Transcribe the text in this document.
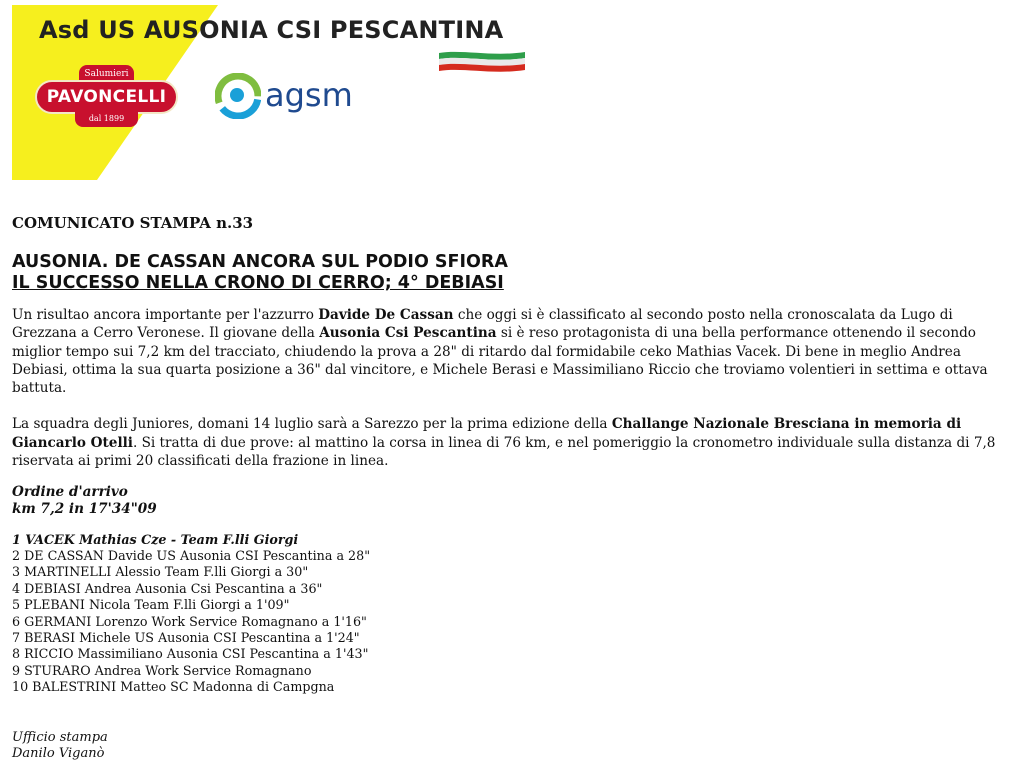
Asd US AUSONIA CSI PESCANTINA
Salumieri
PAVONCELLI
dal 1899
agsm

COMUNICATO STAMPA n.33

AUSONIA. DE CASSAN ANCORA SUL PODIO SFIORA
IL SUCCESSO NELLA CRONO DI CERRO; 4° DEBIASI

Un risultao ancora importante per l'azzurro Davide De Cassan che oggi si è classificato al secondo posto nella cronoscalata da Lugo di Grezzana a Cerro Veronese. Il giovane della Ausonia Csi Pescantina si è reso protagonista di una bella performance ottenendo il secondo miglior tempo sui 7,2 km del tracciato, chiudendo la prova a 28" di ritardo dal formidabile ceko Mathias Vacek. Di bene in meglio Andrea Debiasi, ottima la sua quarta posizione a 36" dal vincitore, e Michele Berasi e Massimiliano Riccio che troviamo volentieri in settima e ottava battuta.

La squadra degli Juniores, domani 14 luglio sarà a Sarezzo per la prima edizione della Challange Nazionale Bresciana in memoria di Giancarlo Otelli. Si tratta di due prove: al mattino la corsa in linea di 76 km, e nel pomeriggio la cronometro individuale sulla distanza di 7,8 riservata ai primi 20 classificati della frazione in linea.

Ordine d'arrivo
km 7,2 in 17'34"09
1 VACEK Mathias Cze - Team F.lli Giorgi
2 DE CASSAN Davide US Ausonia CSI Pescantina a 28"
3 MARTINELLI Alessio Team F.lli Giorgi a 30"
4 DEBIASI Andrea Ausonia Csi Pescantina a 36"
5 PLEBANI Nicola Team F.lli Giorgi a 1'09"
6 GERMANI Lorenzo Work Service Romagnano a 1'16"
7 BERASI Michele US Ausonia CSI Pescantina a 1'24"
8 RICCIO Massimiliano Ausonia CSI Pescantina a 1'43"
9 STURARO Andrea Work Service Romagnano
10 BALESTRINI Matteo SC Madonna di Campgna
Ufficio stampa
Danilo Viganò
